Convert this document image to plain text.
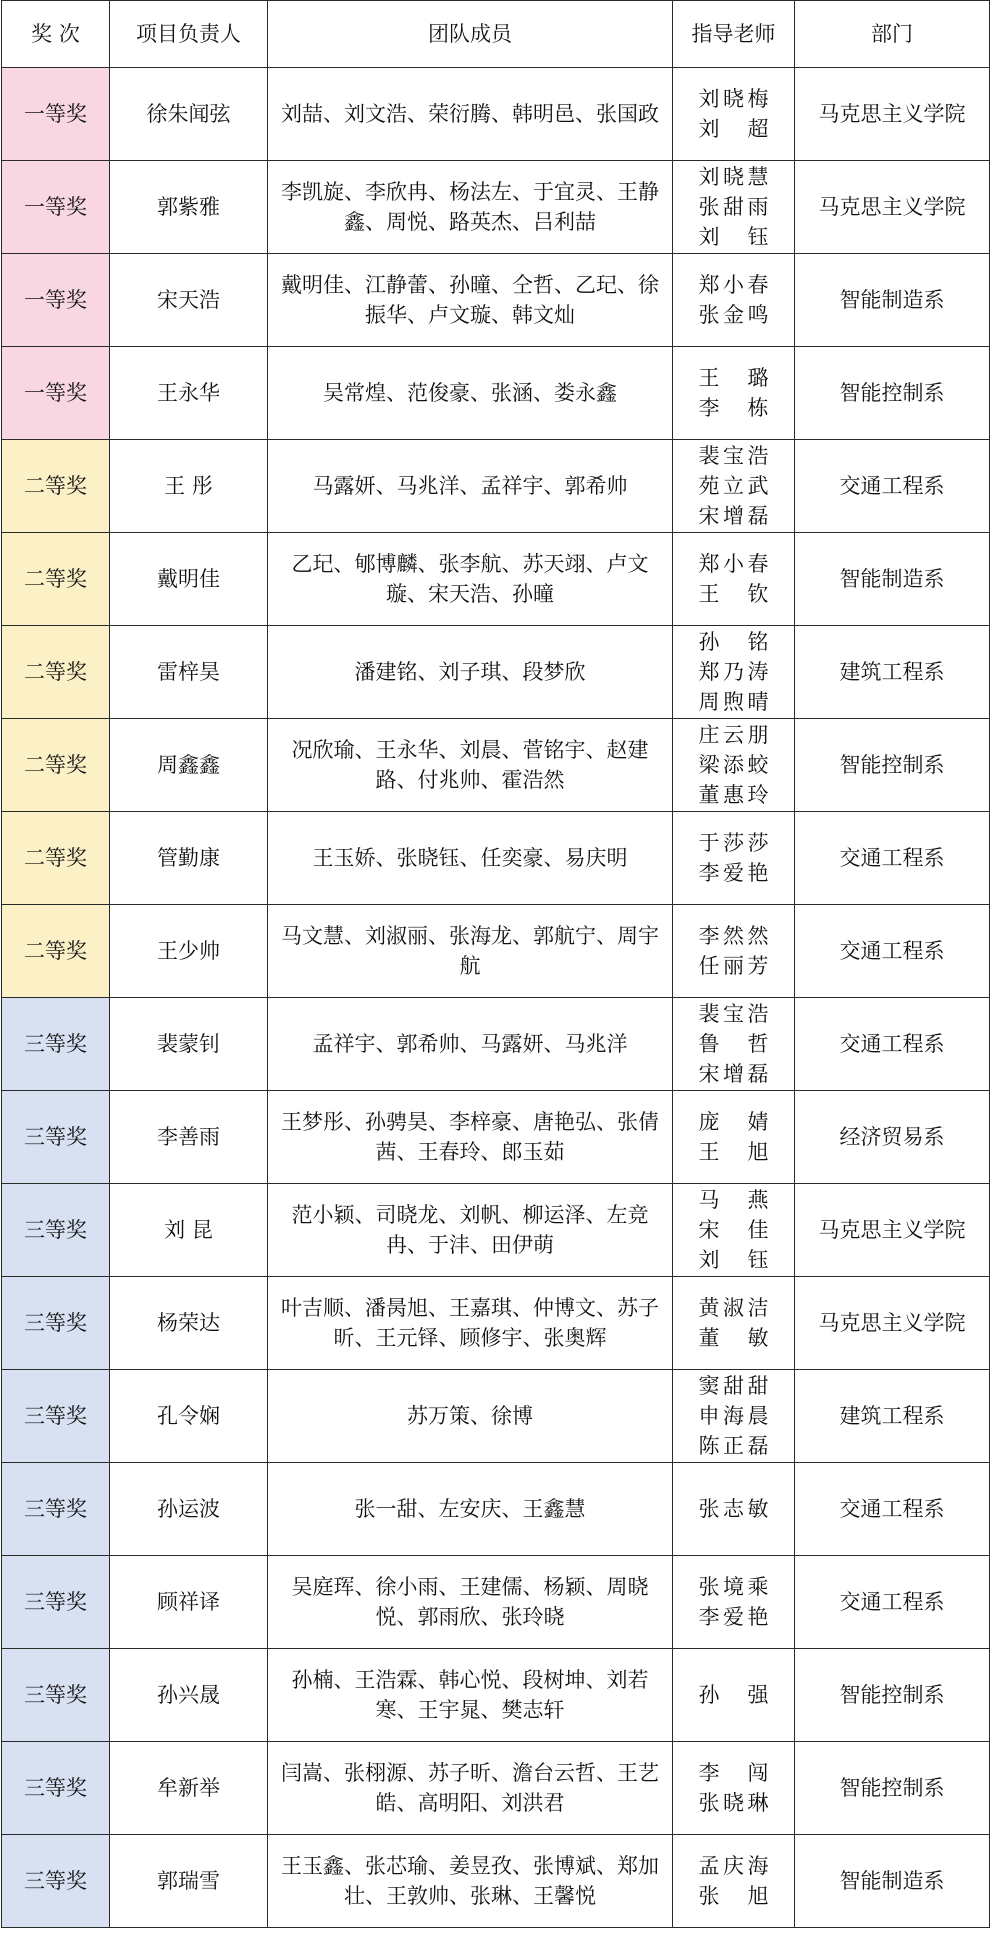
奖 次	项目负责人	团队成员	指导老师	部门
一等奖	徐朱闻弦	刘喆、刘文浩、荣衍腾、韩明邑、张国政	刘晓梅
刘 超	马克思主义学院
一等奖	郭紫雅	李凯旋、李欣冉、杨法左、于宜灵、王静鑫、周悦、路英杰、吕利喆	刘晓慧
张甜雨
刘 钰	马克思主义学院
一等奖	宋天浩	戴明佳、江静蕾、孙曈、仝哲、乙玘、徐振华、卢文璇、韩文灿	郑小春
张金鸣	智能制造系
一等奖	王永华	吴常煌、范俊豪、张涵、娄永鑫	王 璐
李 栋	智能控制系
二等奖	王 彤	马露妍、马兆洋、孟祥宇、郭希帅	裴宝浩
苑立武
宋增磊	交通工程系
二等奖	戴明佳	乙玘、郇博麟、张李航、苏天翊、卢文璇、宋天浩、孙曈	郑小春
王 钦	智能制造系
二等奖	雷梓昊	潘建铭、刘子琪、段梦欣	孙 铭
郑乃涛
周煦晴	建筑工程系
二等奖	周鑫鑫	况欣瑜、王永华、刘晨、菅铭宇、赵建路、付兆帅、霍浩然	庄云朋
梁添蛟
董惠玲	智能控制系
二等奖	管勤康	王玉娇、张晓钰、任奕豪、易庆明	于莎莎
李爱艳	交通工程系
二等奖	王少帅	马文慧、刘淑丽、张海龙、郭航宁、周宇航	李然然
任丽芳	交通工程系
三等奖	裴蒙钊	孟祥宇、郭希帅、马露妍、马兆洋	裴宝浩
鲁 哲
宋增磊	交通工程系
三等奖	李善雨	王梦彤、孙骋昊、李梓豪、唐艳弘、张倩茜、王春玲、郎玉茹	庞 婧
王 旭	经济贸易系
三等奖	刘 昆	范小颖、司晓龙、刘帆、柳运泽、左竞冉、于沣、田伊萌	马 燕
宋 佳
刘 钰	马克思主义学院
三等奖	杨荣达	叶吉顺、潘昺旭、王嘉琪、仲博文、苏子昕、王元铎、顾修宇、张奥辉	黄淑洁
董 敏	马克思主义学院
三等奖	孔令娴	苏万策、徐博	窦甜甜
申海晨
陈正磊	建筑工程系
三等奖	孙运波	张一甜、左安庆、王鑫慧	张志敏	交通工程系
三等奖	顾祥译	吴庭珲、徐小雨、王建儒、杨颖、周晓悦、郭雨欣、张玲晓	张境乘
李爱艳	交通工程系
三等奖	孙兴晟	孙楠、王浩霖、韩心悦、段树坤、刘若寒、王宇晁、樊志轩	孙 强	智能控制系
三等奖	牟新举	闫嵩、张栩源、苏子昕、澹台云哲、王艺皓、高明阳、刘洪君	李 闯
张晓琳	智能控制系
三等奖	郭瑞雪	王玉鑫、张芯瑜、姜昱孜、张博斌、郑加壮、王敦帅、张琳、王馨悦	孟庆海
张 旭	智能制造系
